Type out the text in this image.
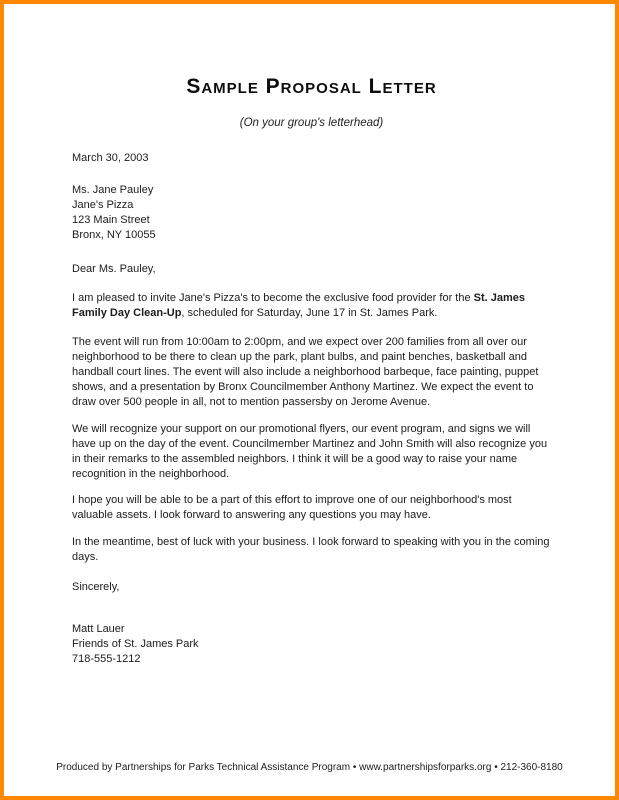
Sample Proposal Letter
(On your group's letterhead)
March 30, 2003
Ms. Jane Pauley
Jane's Pizza
123 Main Street
Bronx, NY 10055
Dear Ms. Pauley,

I am pleased to invite Jane's Pizza's to become the exclusive food provider for the St. James Family Day Clean-Up, scheduled for Saturday, June 17 in St. James Park.

The event will run from 10:00am to 2:00pm, and we expect over 200 families from all over our neighborhood to be there to clean up the park, plant bulbs, and paint benches, basketball and handball court lines. The event will also include a neighborhood barbeque, face painting, puppet shows, and a presentation by Bronx Councilmember Anthony Martinez. We expect the event to draw over 500 people in all, not to mention passersby on Jerome Avenue.

We will recognize your support on our promotional flyers, our event program, and signs we will have up on the day of the event. Councilmember Martinez and John Smith will also recognize you in their remarks to the assembled neighbors. I think it will be a good way to raise your name recognition in the neighborhood.

I hope you will be able to be a part of this effort to improve one of our neighborhood's most valuable assets. I look forward to answering any questions you may have.

In the meantime, best of luck with your business. I look forward to speaking with you in the coming days.

Sincerely,
Matt Lauer
Friends of St. James Park
718-555-1212
Produced by Partnerships for Parks Technical Assistance Program • www.partnershipsforparks.org • 212-360-8180
